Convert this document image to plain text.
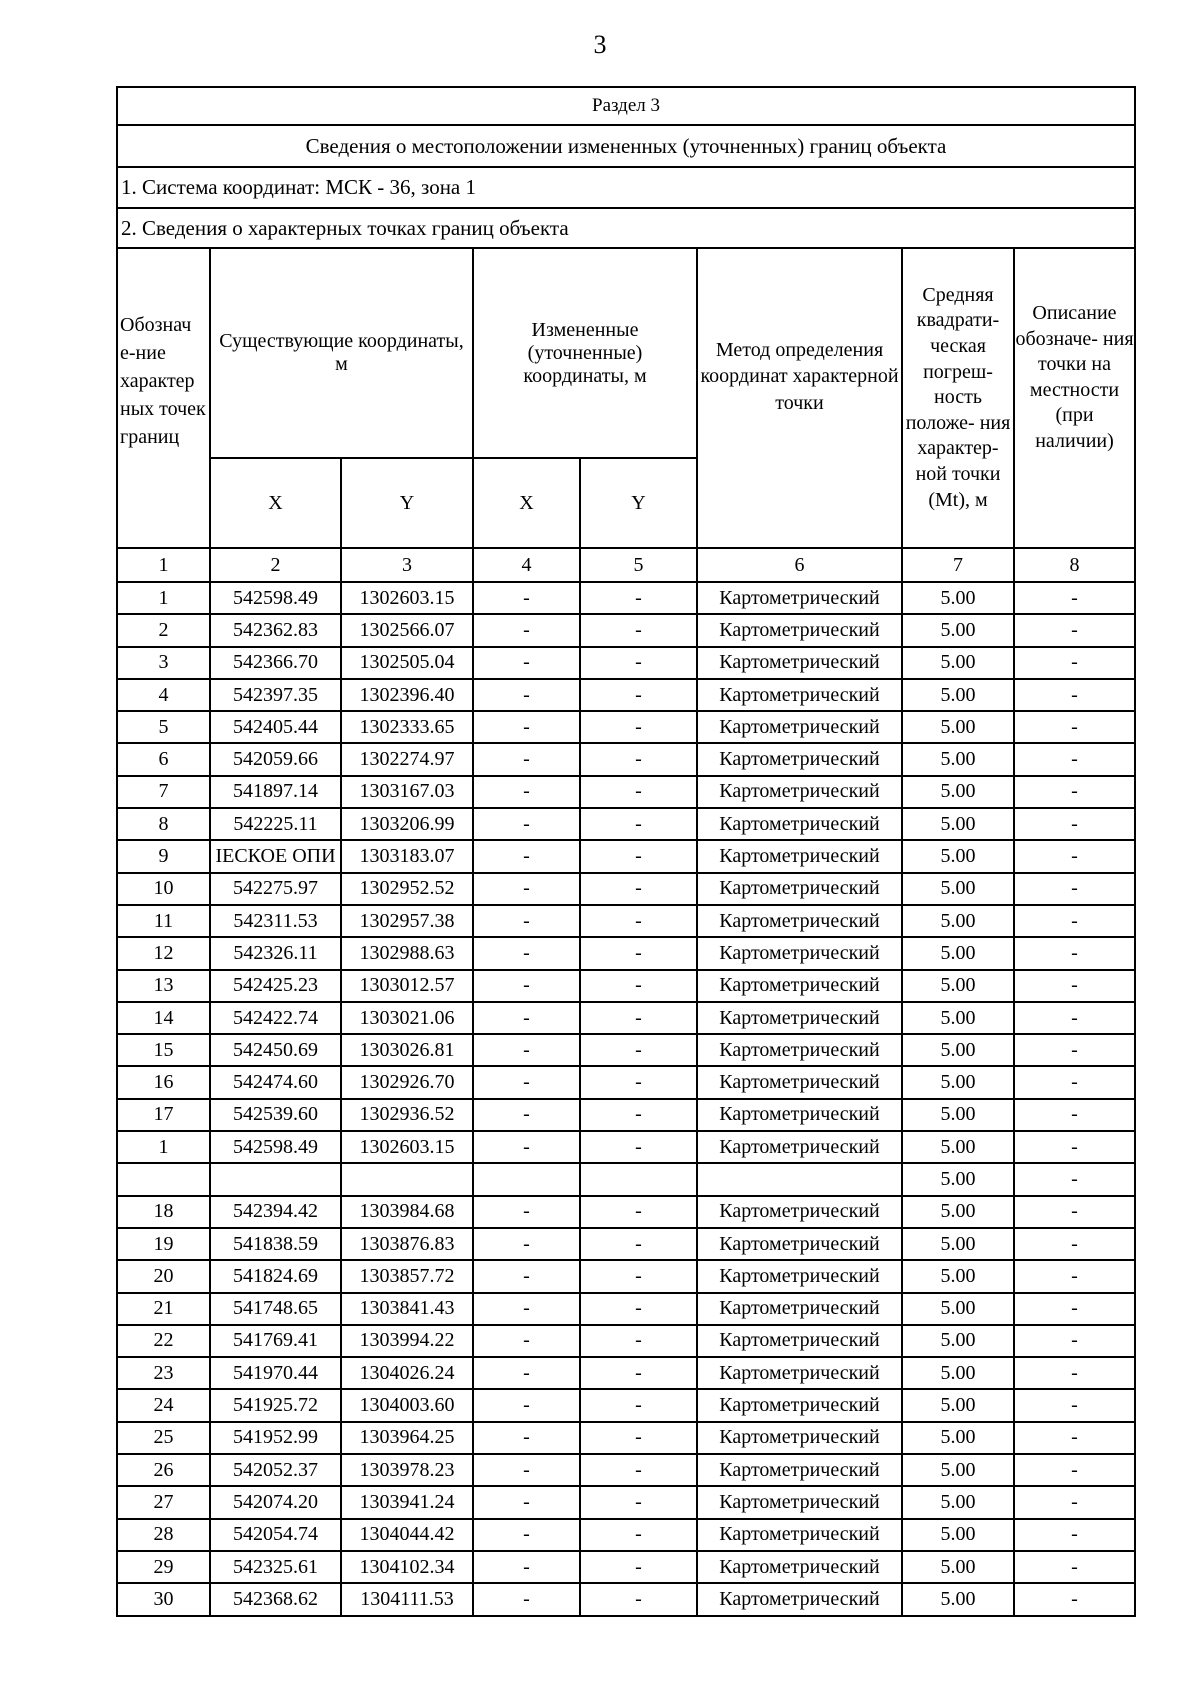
3
Раздел 3							
Сведения о местоположении измененных (уточненных) границ объекта							
1. Система координат: МСК - 36, зона 1							
2. Сведения о характерных точках границ объекта							
Обознач е-ние характер ных точек границ	Существующие координаты, м		Измененные (уточненные) координаты, м		Метод определения координат характерной точки	Средняя квадрати- ческая погреш- ность положе- ния характер- ной точки (Mt), м	Описание обозначе- ния точки на местности (при наличии)
	X	Y	X	Y			
1	2	3	4	5	6	7	8
1	542598.49	1302603.15	-	-	Картометрический	5.00	-
2	542362.83	1302566.07	-	-	Картометрический	5.00	-
3	542366.70	1302505.04	-	-	Картометрический	5.00	-
4	542397.35	1302396.40	-	-	Картометрический	5.00	-
5	542405.44	1302333.65	-	-	Картометрический	5.00	-
6	542059.66	1302274.97	-	-	Картометрический	5.00	-
7	541897.14	1303167.03	-	-	Картометрический	5.00	-
8	542225.11	1303206.99	-	-	Картометрический	5.00	-
9	ІЕСКОЕ ОПИ	1303183.07	-	-	Картометрический	5.00	-
10	542275.97	1302952.52	-	-	Картометрический	5.00	-
11	542311.53	1302957.38	-	-	Картометрический	5.00	-
12	542326.11	1302988.63	-	-	Картометрический	5.00	-
13	542425.23	1303012.57	-	-	Картометрический	5.00	-
14	542422.74	1303021.06	-	-	Картометрический	5.00	-
15	542450.69	1303026.81	-	-	Картометрический	5.00	-
16	542474.60	1302926.70	-	-	Картометрический	5.00	-
17	542539.60	1302936.52	-	-	Картометрический	5.00	-
1	542598.49	1302603.15	-	-	Картометрический	5.00	-
						5.00	-
18	542394.42	1303984.68	-	-	Картометрический	5.00	-
19	541838.59	1303876.83	-	-	Картометрический	5.00	-
20	541824.69	1303857.72	-	-	Картометрический	5.00	-
21	541748.65	1303841.43	-	-	Картометрический	5.00	-
22	541769.41	1303994.22	-	-	Картометрический	5.00	-
23	541970.44	1304026.24	-	-	Картометрический	5.00	-
24	541925.72	1304003.60	-	-	Картометрический	5.00	-
25	541952.99	1303964.25	-	-	Картометрический	5.00	-
26	542052.37	1303978.23	-	-	Картометрический	5.00	-
27	542074.20	1303941.24	-	-	Картометрический	5.00	-
28	542054.74	1304044.42	-	-	Картометрический	5.00	-
29	542325.61	1304102.34	-	-	Картометрический	5.00	-
30	542368.62	1304111.53	-	-	Картометрический	5.00	-
